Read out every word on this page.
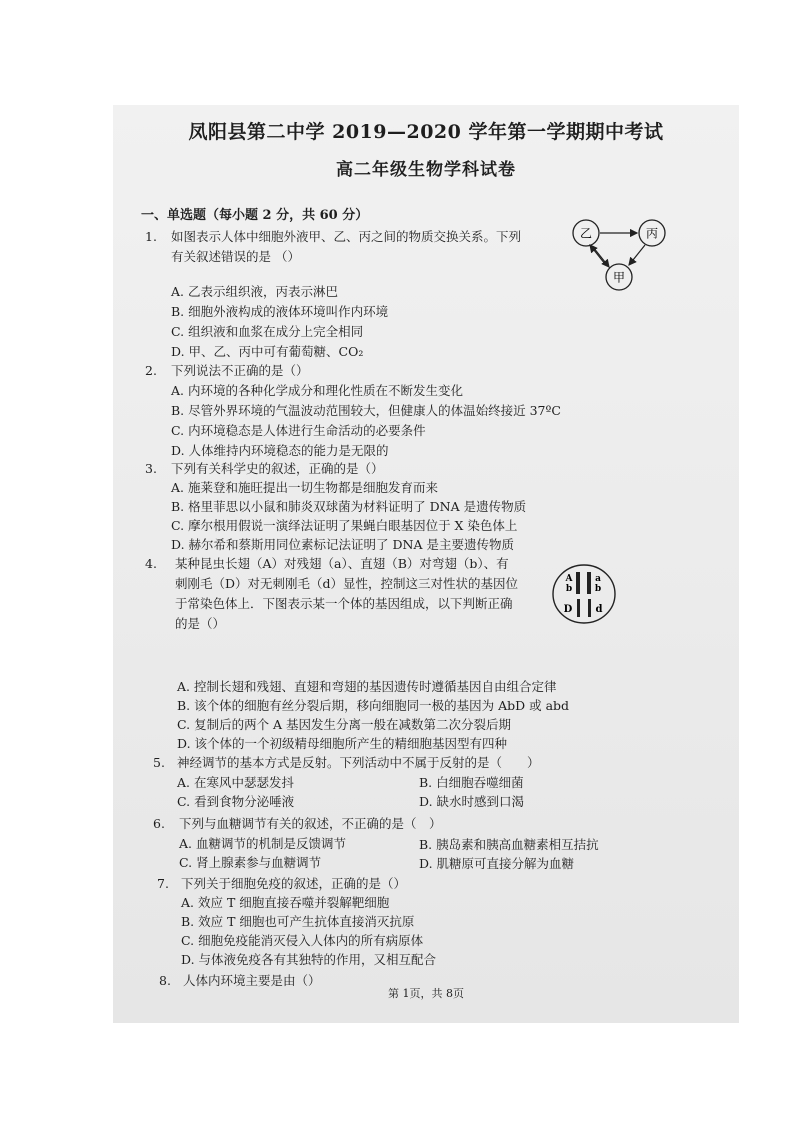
凤阳县第二中学 2019—2020 学年第一学期期中考试
高二年级生物学科试卷
一、单选题（每小题 2 分，共 60 分）
1. 如图表示人体中细胞外液甲、乙、丙之间的物质交换关系。下列
有关叙述错误的是 （）
A. 乙表示组织液，丙表示淋巴
B. 细胞外液构成的液体环境叫作内环境
C. 组织液和血浆在成分上完全相同
D. 甲、乙、丙中可有葡萄糖、CO₂
乙	丙
甲
2. 下列说法不正确的是（）
A. 内环境的各种化学成分和理化性质在不断发生变化
B. 尽管外界环境的气温波动范围较大，但健康人的体温始终接近 37ºC
C. 内环境稳态是人体进行生命活动的必要条件
D. 人体维持内环境稳态的能力是无限的
3. 下列有关科学史的叙述，正确的是（）
A. 施莱登和施旺提出一切生物都是细胞发育而来
B. 格里菲思以小鼠和肺炎双球菌为材料证明了 DNA 是遗传物质
C. 摩尔根用假说一演绎法证明了果蝇白眼基因位于 X 染色体上
D. 赫尔希和蔡斯用同位素标记法证明了 DNA 是主要遗传物质
4. 某种昆虫长翅（A）对残翅（a）、直翅（B）对弯翅（b）、有
刺刚毛（D）对无刺刚毛（d）显性，控制这三对性状的基因位
于常染色体上．下图表示某一个体的基因组成，以下判断正确
的是（）
A. 控制长翅和残翅、直翅和弯翅的基因遗传时遵循基因自由组合定律
B. 该个体的细胞有丝分裂后期，移向细胞同一极的基因为 AbD 或 abd
C. 复制后的两个 A 基因发生分离一般在减数第二次分裂后期
D. 该个体的一个初级精母细胞所产生的精细胞基因型有四种
A
b
a
b
D d
5. 神经调节的基本方式是反射。下列活动中不属于反射的是（　　）
A. 在寒风中瑟瑟发抖	B. 白细胞吞噬细菌
C. 看到食物分泌唾液	D. 缺水时感到口渴
6. 下列与血糖调节有关的叙述，不正确的是（　）
A. 血糖调节的机制是反馈调节	B. 胰岛素和胰高血糖素相互拮抗
C. 肾上腺素参与血糖调节	D. 肌糖原可直接分解为血糖
7. 下列关于细胞免疫的叙述，正确的是（）
A. 效应 T 细胞直接吞噬并裂解靶细胞
B. 效应 T 细胞也可产生抗体直接消灭抗原
C. 细胞免疫能消灭侵入人体内的所有病原体
D. 与体液免疫各有其独特的作用，又相互配合
8. 人体内环境主要是由（）
第 1页，共 8页
